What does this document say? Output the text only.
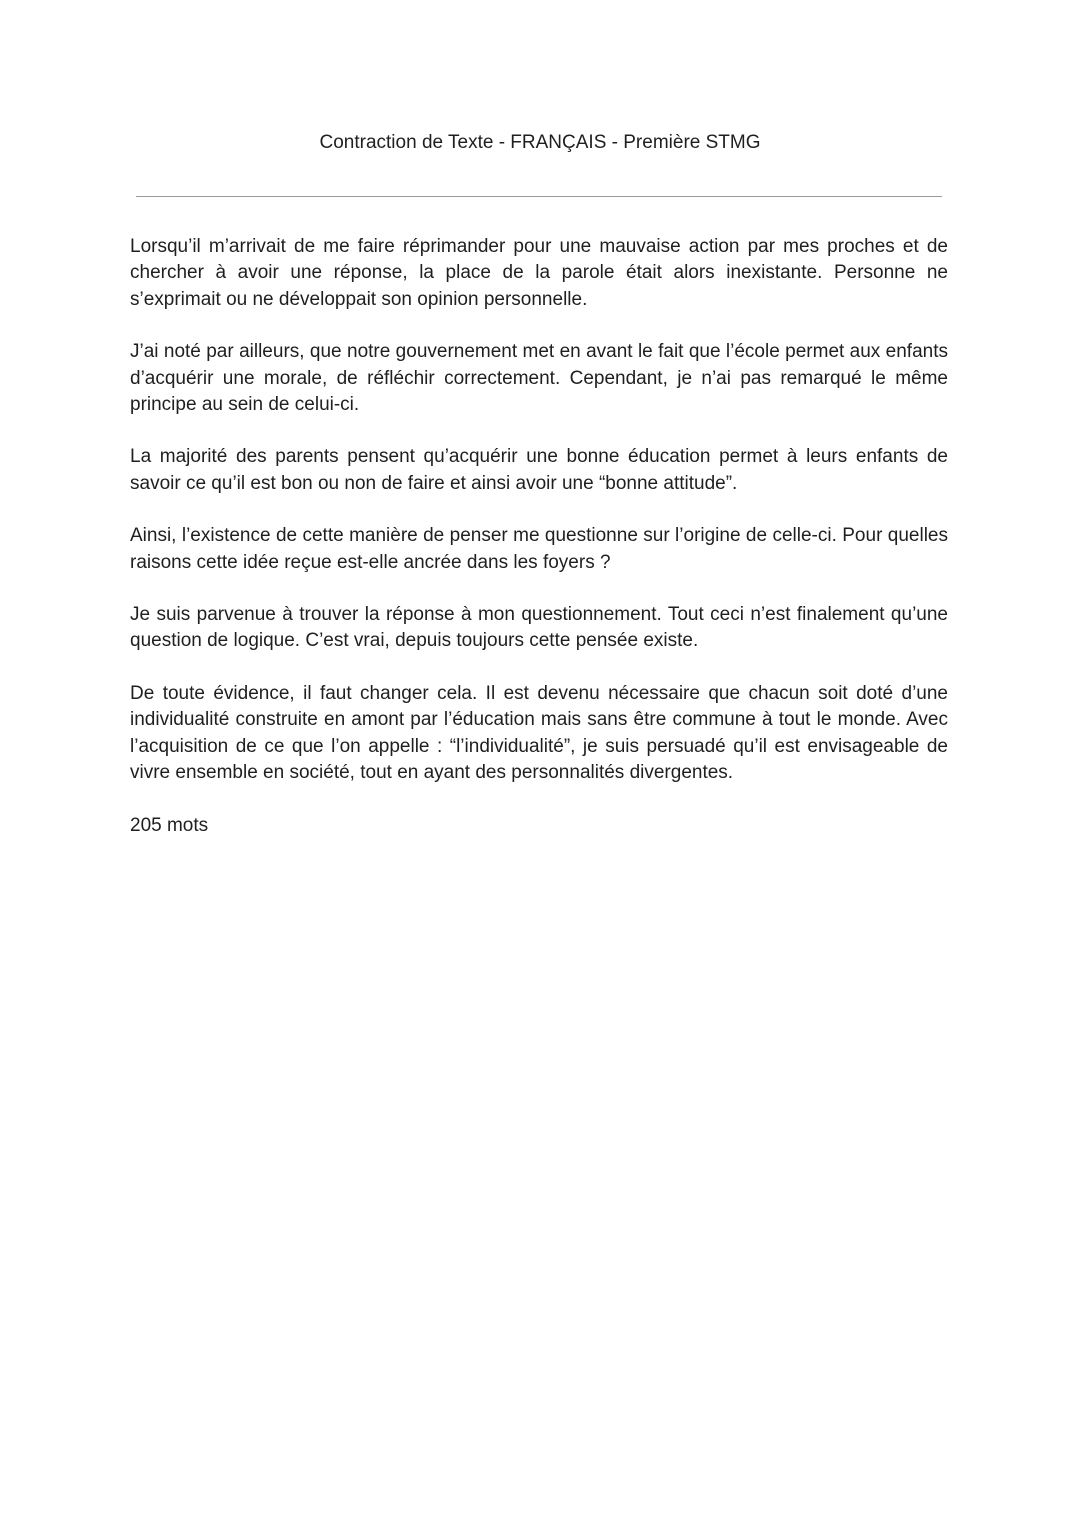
Contraction de Texte - FRANÇAIS - Première STMG

Lorsqu’il m’arrivait de me faire réprimander pour une mauvaise action par mes proches et de chercher à avoir une réponse, la place de la parole était alors inexistante. Personne ne s’exprimait ou ne développait son opinion personnelle.

J’ai noté par ailleurs, que notre gouvernement met en avant le fait que l’école permet aux enfants d’acquérir une morale, de réfléchir correctement. Cependant, je n’ai pas remarqué le même principe au sein de celui-ci.

La majorité des parents pensent qu’acquérir une bonne éducation permet à leurs enfants de savoir ce qu’il est bon ou non de faire et ainsi avoir une “bonne attitude”.

Ainsi, l’existence de cette manière de penser me questionne sur l’origine de celle-ci. Pour quelles raisons cette idée reçue est-elle ancrée dans les foyers ?

Je suis parvenue à trouver la réponse à mon questionnement. Tout ceci n’est finalement qu’une question de logique. C’est vrai, depuis toujours cette pensée existe.

De toute évidence, il faut changer cela. Il est devenu nécessaire que chacun soit doté d’une individualité construite en amont par l’éducation mais sans être commune à tout le monde. Avec l’acquisition de ce que l’on appelle : “l’individualité”, je suis persuadé qu’il est envisageable de vivre ensemble en société, tout en ayant des personnalités divergentes.

205 mots
